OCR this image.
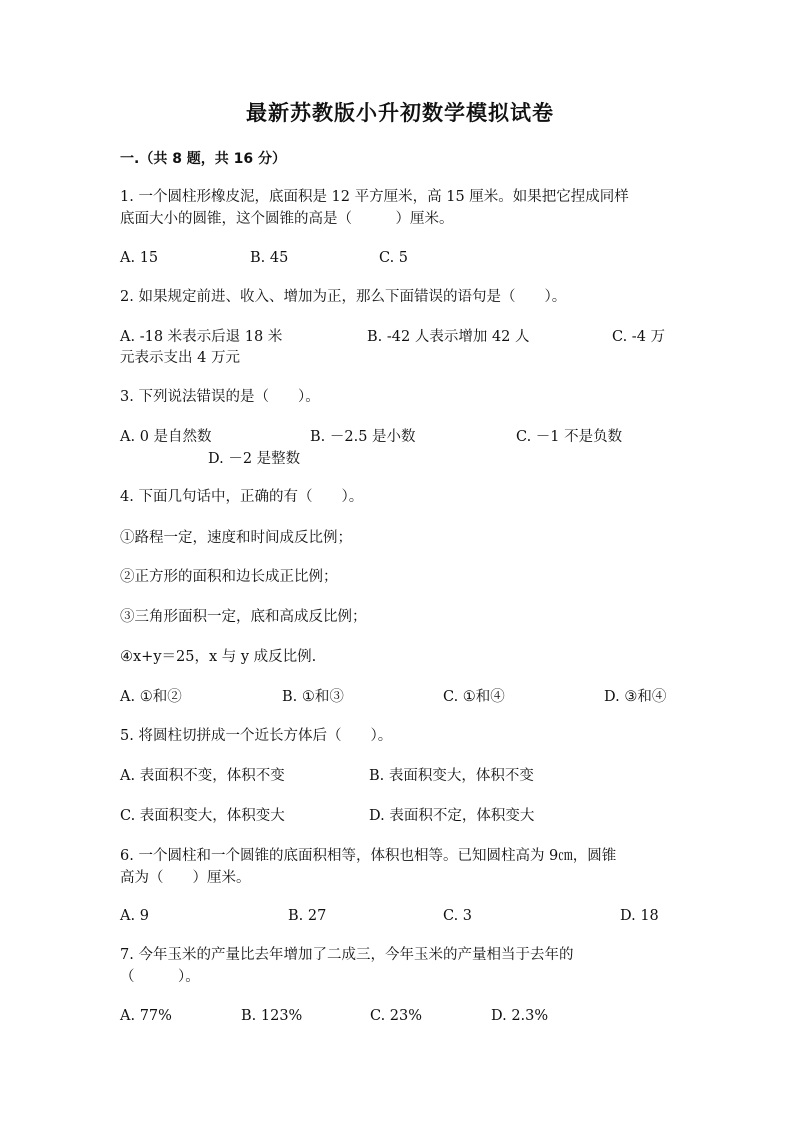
最新苏教版小升初数学模拟试卷
一.（共 8 题，共 16 分）
1. 一个圆柱形橡皮泥，底面积是 12 平方厘米，高 15 厘米。如果把它捏成同样
底面大小的圆锥，这个圆锥的高是（　　　）厘米。
A. 15	B. 45	C. 5
2. 如果规定前进、收入、增加为正，那么下面错误的语句是（　　）。
A. -18 米表示后退 18 米	B. -42 人表示增加 42 人	C. -4 万
元表示支出 4 万元
3. 下列说法错误的是（　　）。
A. 0 是自然数	B. －2.5 是小数	C. －1 不是负数
D. －2 是整数
4. 下面几句话中，正确的有（　　）。
①路程一定，速度和时间成反比例；
②正方形的面积和边长成正比例；
③三角形面积一定，底和高成反比例；
④x+y＝25，x 与 y 成反比例.
A. ①和②	B. ①和③	C. ①和④	D. ③和④
5. 将圆柱切拼成一个近长方体后（　　）。
A. 表面积不变，体积不变	B. 表面积变大，体积不变
C. 表面积变大，体积变大	D. 表面积不定，体积变大
6. 一个圆柱和一个圆锥的底面积相等，体积也相等。已知圆柱高为 9㎝，圆锥
高为（　　）厘米。
A. 9	B. 27	C. 3	D. 18
7. 今年玉米的产量比去年增加了二成三，今年玉米的产量相当于去年的
（　　　）。
A. 77%	B. 123%	C. 23%	D. 2.3%
